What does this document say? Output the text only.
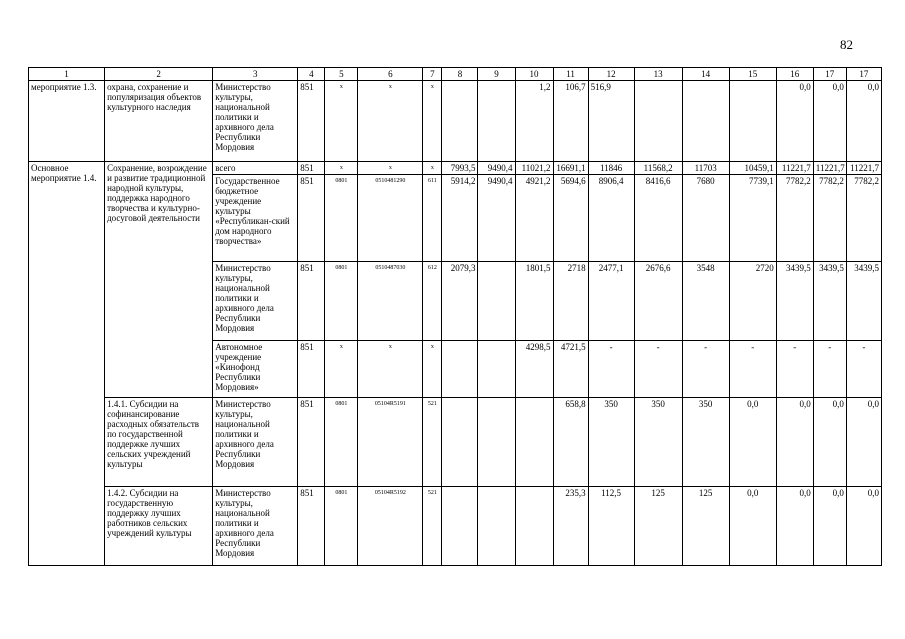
82
1	2	3	4	5	6	7	8	9	10	11	12	13	14	15	16	17	17
мероприятие 1.3.	охрана, сохранение и популяризация объектов культурного наследия	Министерство культуры, национальной политики и архивного дела Республики Мордовия	851	x	x	x			1,2	106,7	516,9				0,0	0,0	0,0
Основное мероприятие 1.4.	Сохранение, возрождение и развитие традиционной народной культуры, поддержка народного творчества и культурно-досуговой деятельности	всего	851	x	x	x	7993,5	9490,4	11021,2	16691,1	11846	11568,2	11703	10459,1	11221,7	11221,7	11221,7
		Государственное бюджетное учреждение культуры «Республикан-ский дом народного творчества»	851	0801	0510481290	611	5914,2	9490,4	4921,2	5694,6	8906,4	8416,6	7680	7739,1	7782,2	7782,2	7782,2
		Министерство культуры, национальной политики и архивного дела Республики Мордовия	851	0801	0510487030	612	2079,3		1801,5	2718	2477,1	2676,6	3548	2720	3439,5	3439,5	3439,5
		Автономное учреждение «Кинофонд Республики Мордовия»	851	x	x	x			4298,5	4721,5	-	-	-	-	-	-	-
	1.4.1. Субсидии на софинансирование расходных обязательств по государственной поддержке лучших сельских учреждений культуры	Министерство культуры, национальной политики и архивного дела Республики Мордовия	851	0801	05104R5191	521				658,8	350	350	350	0,0	0,0	0,0	0,0
	1.4.2. Субсидии на государственную поддержку лучших работников сельских учреждений культуры	Министерство культуры, национальной политики и архивного дела Республики Мордовия	851	0801	05104R5192	521				235,3	112,5	125	125	0,0	0,0	0,0	0,0
